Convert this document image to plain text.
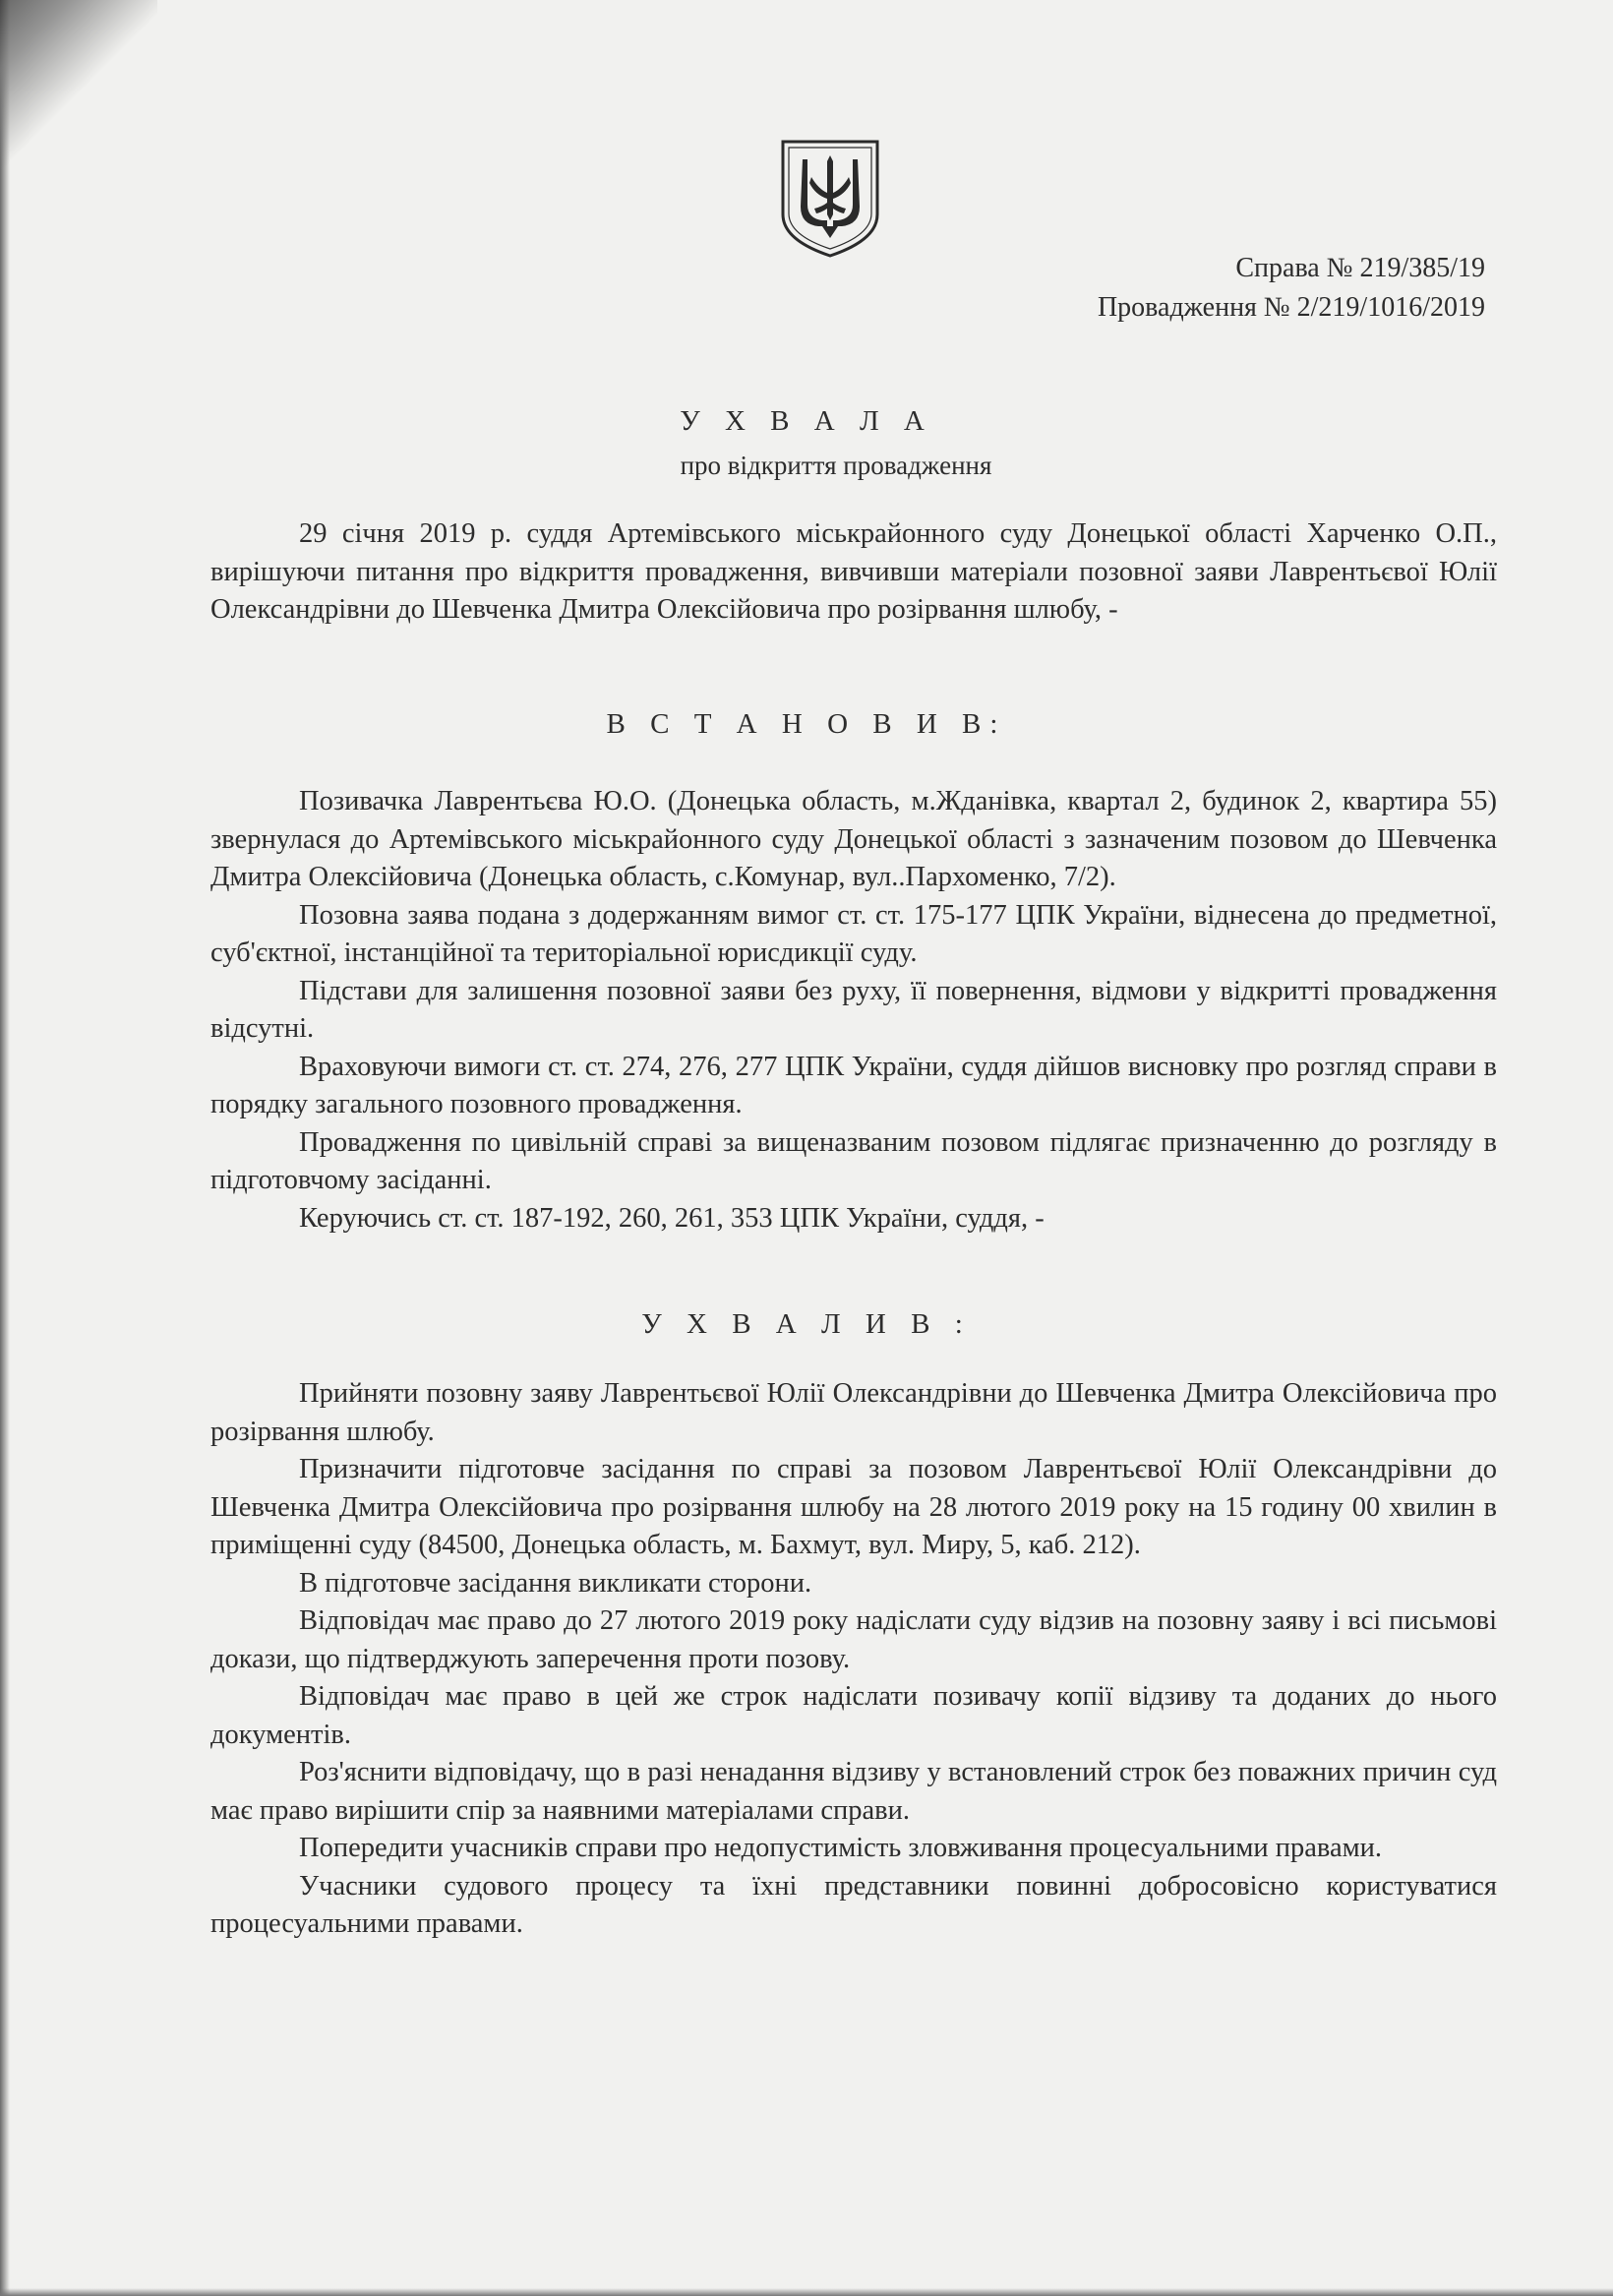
Справа № 219/385/19
Провадження № 2/219/1016/2019
У Х В А Л А
про відкриття провадження

29 січня 2019 р. суддя Артемівського міськрайонного суду Донецької області Харченко О.П., вирішуючи питання про відкриття провадження, вивчивши матеріали позовної заяви Лаврентьєвої Юлії Олександрівни до Шевченка Дмитра Олексійовича про розірвання шлюбу, -

В С Т А Н О В И В:

Позивачка Лаврентьєва Ю.О. (Донецька область, м.Жданівка, квартал 2, будинок 2, квартира 55) звернулася до Артемівського міськрайонного суду Донецької області з зазначеним позовом до Шевченка Дмитра Олексійовича (Донецька область, с.Комунар, вул..Пархоменко, 7/2).

Позовна заява подана з додержанням вимог ст. ст. 175-177 ЦПК України, віднесена до предметної, суб'єктної, інстанційної та територіальної юрисдикції суду.

Підстави для залишення позовної заяви без руху, її повернення, відмови у відкритті провадження відсутні.

Враховуючи вимоги ст. ст. 274, 276, 277 ЦПК України, суддя дійшов висновку про розгляд справи в порядку загального позовного провадження.

Провадження по цивільній справі за вищеназваним позовом підлягає призначенню до розгляду в підготовчому засіданні.

Керуючись ст. ст. 187-192, 260, 261, 353 ЦПК України, суддя, -

У Х В А Л И В :

Прийняти позовну заяву Лаврентьєвої Юлії Олександрівни до Шевченка Дмитра Олексійовича про розірвання шлюбу.

Призначити підготовче засідання по справі за позовом Лаврентьєвої Юлії Олександрівни до Шевченка Дмитра Олексійовича про розірвання шлюбу на 28 лютого 2019 року на 15 годину 00 хвилин в приміщенні суду (84500, Донецька область, м. Бахмут, вул. Миру, 5, каб. 212).

В підготовче засідання викликати сторони.

Відповідач має право до 27 лютого 2019 року надіслати суду відзив на позовну заяву і всі письмові докази, що підтверджують заперечення проти позову.

Відповідач має право в цей же строк надіслати позивачу копії відзиву та доданих до нього документів.

Роз'яснити відповідачу, що в разі ненадання відзиву у встановлений строк без поважних причин суд має право вирішити спір за наявними матеріалами справи.

Попередити учасників справи про недопустимість зловживання процесуальними правами.

Учасники судового процесу та їхні представники повинні добросовісно користуватися процесуальними правами.
